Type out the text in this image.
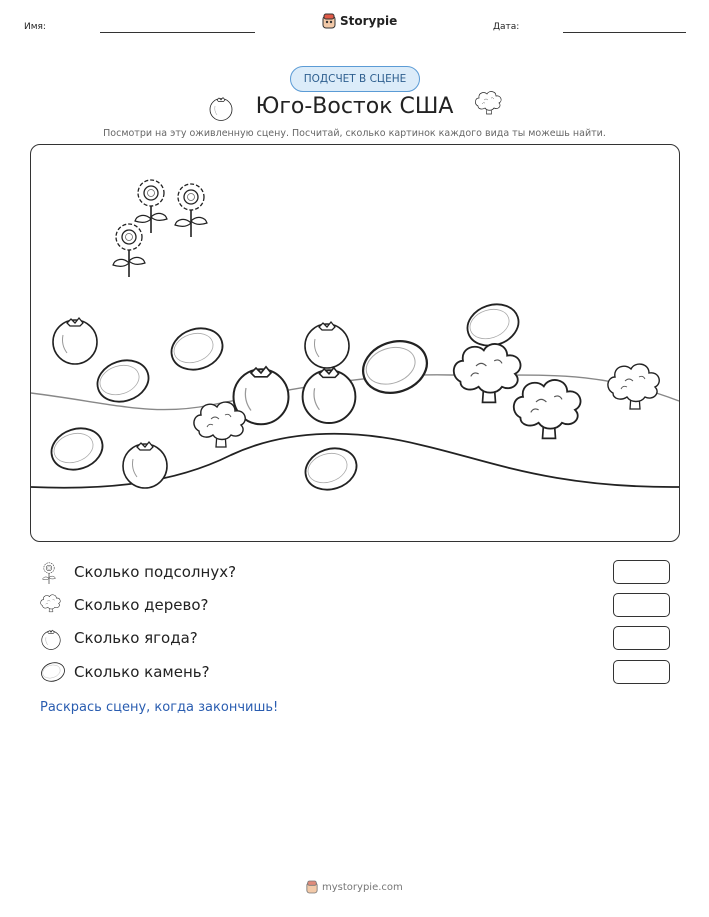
Имя:	Storypie	Дата:
ПОДСЧЕТ В СЦЕНЕ
Юго-Восток США
Посмотри на эту оживленную сцену. Посчитай, сколько картинок каждого вида ты можешь найти.
Сколько подсолнух?
Сколько дерево?
Сколько ягода?
Сколько камень?
Раскрась сцену, когда закончишь!
mystorypie.com
